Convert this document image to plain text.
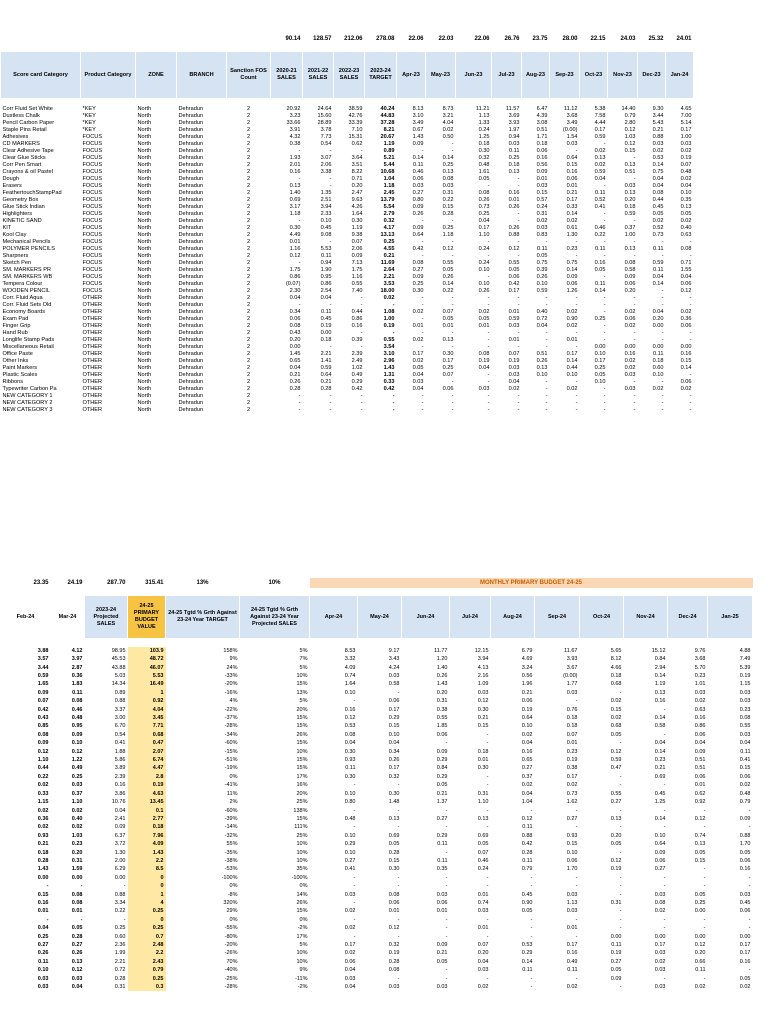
					90.14	128.57	212.06	278.08	22.06	22.03	22.06	26.76	23.75	28.00	22.15	24.03	25.32	24.01

Score card Category	Product Category	ZONE	BRANCH	Sanction FOS Count	2020-21 SALES	2021-22 SALES	2022-23 SALES	2023-24 TARGET	Apr-23	May-23	Jun-23	Jul-23	Aug-23	Sep-23	Oct-23	Nov-23	Dec-23	Jan-24

Corr Fluid Set White	*KEY	North	Dehradun	2	20.92	24.64	38.59	40.24	8.13	8.73	11.21	11.57	6.47	11.12	5.38	14.40	9.30	4.65
Dustless Chalk	*KEY	North	Dehradun	2	3.23	15.60	42.76	44.83	3.10	3.21	1.13	3.69	4.39	3.68	7.58	0.79	3.44	7.00
Pencil Carbon Paper	*KEY	North	Dehradun	2	33.66	28.89	33.39	37.28	3.49	4.04	1.33	3.93	3.08	3.49	4.44	2.80	5.43	5.14
Staple Pins Retail	*KEY	North	Dehradun	2	3.91	3.78	7.10	8.21	0.67	0.02	0.24	1.97	0.51	(0.00)	0.17	0.12	0.21	0.17
Adhesives	FOCUS	North	Dehradun	2	4.32	7.73	15.31	20.67	1.43	0.50	1.25	0.94	1.71	1.54	0.59	1.03	0.88	1.00
CD MARKERS	FOCUS	North	Dehradun	2	0.38	0.54	0.62	1.19	0.09	-	0.18	0.03	0.18	0.03	-	0.12	0.03	0.03
Clear Adhesive Tape	FOCUS	North	Dehradun	2	-	-	-	0.89	-	-	0.30	0.11	0.06	-	0.02	0.15	0.02	0.02
Clear Glue Sticks	FOCUS	North	Dehradun	2	1.93	3.07	3.64	5.21	0.14	0.14	0.32	0.25	0.16	0.64	0.13	-	0.53	0.19
Corr Pen Smart	FOCUS	North	Dehradun	2	2.01	2.06	3.51	5.44	0.11	0.25	0.48	0.18	0.56	0.15	0.02	0.13	0.14	0.07
Crayons & oil Pastel	FOCUS	North	Dehradun	2	0.16	3.38	8.22	10.68	0.46	0.13	1.61	0.13	0.09	0.16	0.59	0.51	0.75	0.48
Dough	FOCUS	North	Dehradun	2	-	-	0.71	1.04	0.06	0.08	0.05	-	0.01	0.06	0.04	-	0.04	0.02
Erasers	FOCUS	North	Dehradun	2	0.13	-	0.20	1.18	0.03	0.03	-	-	0.03	0.01	-	0.03	0.04	0.04
FeathertouchStampPad	FOCUS	North	Dehradun	2	1.40	1.35	2.47	2.45	0.27	0.31	0.08	0.16	0.15	0.21	0.11	0.13	0.08	0.10
Geometry Box	FOCUS	North	Dehradun	2	0.69	2.51	9.63	13.79	0.80	0.22	0.26	0.01	0.57	0.17	0.52	0.20	0.44	0.35
Glue Stick Indian	FOCUS	North	Dehradun	2	3.17	3.94	4.26	5.54	0.09	0.15	0.73	0.26	0.24	0.33	0.41	0.18	0.45	0.13
Highlighters	FOCUS	North	Dehradun	2	1.18	2.33	1.64	2.79	0.26	0.28	0.25	-	0.31	0.14	-	0.59	0.05	0.05
KINETIC SAND	FOCUS	North	Dehradun	2	-	0.10	0.30	0.32	-	-	0.04	-	0.02	0.02	-	-	0.02	0.02
KIT	FOCUS	North	Dehradun	2	0.30	0.45	1.19	4.17	0.09	0.25	0.17	0.26	0.03	0.61	0.46	0.37	0.52	0.40
Kool Clay	FOCUS	North	Dehradun	2	4.49	9.08	9.38	13.13	0.64	1.18	1.10	0.88	0.83	1.30	0.22	1.00	0.73	0.63
Mechanical Pencils	FOCUS	North	Dehradun	2	0.01	-	0.07	0.25	-	-	-	-	-	-	-	-	-	-
POLYMER PENCILS	FOCUS	North	Dehradun	2	1.16	5.53	2.06	4.55	0.42	0.12	0.24	0.12	0.11	0.23	0.11	0.13	0.11	0.08
Sharpners	FOCUS	North	Dehradun	2	0.12	0.11	0.09	0.21	-	-	-	-	0.05	-	-	-	-	-
Sketch Pen	FOCUS	North	Dehradun	2	-	0.94	7.13	11.69	0.08	0.55	0.24	0.55	0.75	0.75	0.16	0.08	0.59	0.71
SM. MARKERS PR	FOCUS	North	Dehradun	2	1.75	1.90	1.75	2.64	0.27	0.05	0.10	0.05	0.39	0.14	0.05	0.58	0.11	1.55
SM. MARKERS WB	FOCUS	North	Dehradun	2	0.86	0.95	1.16	2.21	0.09	0.26	-	0.06	0.26	0.09	-	0.09	0.04	0.04
Tempera Colour	FOCUS	North	Dehradun	2	(0.07)	0.86	0.55	3.53	0.25	0.14	0.10	0.42	0.10	0.06	0.11	0.06	0.14	0.06
WOODEN PENCIL	FOCUS	North	Dehradun	2	2.30	2.54	7.40	18.00	0.30	0.22	0.26	0.17	0.59	1.26	0.14	0.20	-	0.12
Corr. Fluid Aqua	OTHER	North	Dehradun	2	0.04	0.04	-	0.02	-	-	-	-	-	-	-	-	-	-
Corr. Fluid Sets Old	OTHER	North	Dehradun	2	-	-	-	-	-	-	-	-	-	-	-	-	-	-
Economy Boards	OTHER	North	Dehradun	2	0.34	0.11	0.44	1.08	0.02	0.07	0.02	0.01	0.40	0.02	-	0.02	0.04	0.02
Exam Pad	OTHER	North	Dehradun	2	0.06	0.45	0.86	1.00	-	0.05	0.05	0.59	0.72	0.90	0.25	0.06	0.20	0.36
Finger Grip	OTHER	North	Dehradun	2	0.08	0.19	0.16	0.19	0.01	0.01	0.01	0.03	0.04	0.02	-	0.02	0.00	0.06
Hand Rub	OTHER	North	Dehradun	2	0.43	0.00	-	-	-	-	-	-	-	-	-	-	-	-
Longlife Stamp Pads	OTHER	North	Dehradun	2	0.20	0.18	0.39	0.55	0.02	0.13	-	0.01	-	0.01	-	-	-	-
Miscellaneous Retail	OTHER	North	Dehradun	2	0.00	-	-	3.54	-	-	-	-	-	-	0.00	0.00	0.00	0.00
Office Paste	OTHER	North	Dehradun	2	1.45	2.21	2.39	3.10	0.17	0.30	0.08	0.07	0.51	0.17	0.10	0.16	0.11	0.16
Other Inks	OTHER	North	Dehradun	2	0.65	1.41	2.49	2.96	0.02	0.17	0.19	0.19	0.26	0.14	0.17	0.02	0.18	0.15
Paint Markers	OTHER	North	Dehradun	2	0.04	0.59	1.02	1.43	0.05	0.25	0.04	0.03	0.13	0.44	0.25	0.02	0.60	0.14
Plastic Scales	OTHER	North	Dehradun	2	0.21	0.64	0.49	1.31	0.04	0.07	-	0.03	0.10	0.10	0.05	0.03	0.10	-
Ribbons	OTHER	North	Dehradun	2	0.26	0.21	0.29	0.33	0.03	-	-	0.04	-	-	0.10	-	-	0.06
Typewriter Carbon Pa	OTHER	North	Dehradun	2	0.28	0.28	0.42	0.42	0.04	0.06	0.03	0.02	-	0.02	-	0.03	0.02	0.02
NEW CATEGORY 1	OTHER	North	Dehradun	2	-	-	-	-	-	-	-	-	-	-	-	-	-	-
NEW CATEGORY 2	OTHER	North	Dehradun	2	-	-	-	-	-	-	-	-	-	-	-	-	-	-
NEW CATEGORY 3	OTHER	North	Dehradun	2	-	-	-	-	-	-	-	-	-	-	-	-	-	-
23.35	24.19	287.70	315.41	13%	10%	MONTHLY PRIMARY BUDGET 24-25									

Feb-24	Mar-24	2023-24 Projected SALES	24-25 PRIMARY BUDGET VALUE	24-25 Tgtd % Grth Against 23-24 Year TARGET	24-25 Tgtd % Grth Against 23-24 Year Projected SALES	Apr-24	May-24	Jun-24	Jul-24	Aug-24	Sep-24	Oct-24	Nov-24	Dec-24	Jan-25

3.88	4.12	98.95	103.9	158%	5%	8.53	9.17	11.77	12.15	6.79	11.67	5.65	15.12	9.76	4.88
3.57	3.97	45.53	48.72	9%	7%	3.32	3.43	1.20	3.94	4.69	3.93	8.12	0.84	3.68	7.49
3.44	2.87	43.88	46.07	24%	5%	4.09	4.24	1.40	4.13	3.24	3.67	4.66	2.94	5.70	5.39
0.59	0.36	5.03	5.53	-33%	10%	0.74	0.03	0.26	2.16	0.56	(0.00)	0.18	0.14	0.23	0.19
1.65	1.83	14.34	16.49	-20%	15%	1.64	0.58	1.43	1.09	1.96	1.77	0.68	1.19	1.01	1.15
0.09	0.11	0.89	1	-16%	13%	0.10	-	0.20	0.03	0.21	0.03	-	0.13	0.03	0.03
0.07	0.08	0.88	0.92	4%	5%	-	0.06	0.31	0.12	0.06	-	0.02	0.16	0.02	0.03
0.42	0.46	3.37	4.04	-22%	20%	0.16	0.17	0.38	0.30	0.19	0.76	0.15	-	0.63	0.23
0.43	0.48	3.00	3.45	-37%	15%	0.12	0.29	0.55	0.21	0.64	0.18	0.02	0.14	0.16	0.08
0.85	0.95	6.70	7.71	-28%	15%	0.53	0.15	1.85	0.15	0.10	0.18	0.68	0.58	0.86	0.55
0.08	0.09	0.54	0.68	-34%	26%	0.08	0.10	0.06	-	0.02	0.07	0.05	-	0.06	0.03
0.09	0.10	0.41	0.47	-60%	15%	0.04	0.04	-	-	0.04	0.01	-	0.04	0.04	0.04
0.12	0.12	1.88	2.07	-15%	10%	0.30	0.34	0.09	0.18	0.16	0.23	0.12	0.14	0.09	0.11
1.10	1.22	5.86	6.74	-51%	15%	0.93	0.26	0.29	0.01	0.65	0.19	0.59	0.23	0.51	0.41
0.44	0.49	3.89	4.47	-19%	15%	0.11	0.17	0.84	0.30	0.27	0.38	0.47	0.21	0.51	0.15
0.22	0.25	2.39	2.8	0%	17%	0.30	0.32	0.29	-	0.37	0.17	-	0.69	0.06	0.06
0.02	0.03	0.16	0.19	-41%	16%	-	-	0.05	-	0.02	0.02	-	-	0.01	0.02
0.33	0.37	3.86	4.63	11%	20%	0.10	0.30	0.21	0.31	0.04	0.73	0.55	0.45	0.62	0.48
1.15	1.10	10.76	13.45	2%	25%	0.80	1.48	1.37	1.10	1.04	1.62	0.27	1.25	0.92	0.79
0.02	0.02	0.04	0.1	-60%	138%	-	-	-	-	-	-	-	-	-	-
0.36	0.40	2.41	2.77	-39%	15%	0.48	0.13	0.27	0.13	0.12	0.27	0.13	0.14	0.12	0.09
0.02	0.02	0.09	0.18	-14%	111%	-	-	-	-	0.11	-	-	-	-	-
0.93	1.03	6.37	7.96	-32%	25%	0.10	0.69	0.29	0.69	0.88	0.93	0.20	0.10	0.74	0.88
0.21	0.23	3.72	4.09	55%	10%	0.29	0.05	0.11	0.05	0.42	0.15	0.05	0.64	0.13	1.70
0.18	0.20	1.30	1.43	-35%	10%	0.10	0.28	-	0.07	0.28	0.10	-	0.09	0.05	0.05
0.28	0.31	2.00	2.2	-38%	10%	0.27	0.15	0.11	0.46	0.11	0.06	0.12	0.06	0.15	0.06
1.43	1.59	6.29	8.5	-53%	35%	0.41	0.30	0.35	0.24	0.79	1.70	0.19	0.27	-	0.16
0.00	0.00	0.00	0	-100%	-100%	-	-	-	-	-	-	-	-	-	-
-	-	-	0	0%	0%	-	-	-	-	-	-	-	-	-	-
0.15	0.08	0.88	1	-8%	14%	0.03	0.08	0.03	0.01	0.45	0.03	-	0.03	0.05	0.03
0.16	0.08	3.34	4	320%	26%	-	0.06	0.06	0.74	0.90	1.13	0.31	0.08	0.25	0.45
0.01	0.01	0.22	0.25	29%	15%	0.02	0.01	0.01	0.03	0.05	0.03	-	0.02	0.00	0.06
-	-	-	0	0%	0%	-	-	-	-	-	-	-	-	-	-
0.04	0.05	0.25	0.25	-55%	-2%	0.02	0.12	-	0.01	-	0.01	-	-	-	-
0.25	0.28	0.60	0.7	-80%	17%	-	-	-	-	-	-	0.00	0.00	0.00	0.00
0.27	0.27	2.36	2.48	-20%	5%	0.17	0.32	0.09	0.07	0.53	0.17	0.11	0.17	0.12	0.17
0.26	0.26	1.99	2.2	-26%	10%	0.02	0.19	0.21	0.20	0.29	0.16	0.19	0.03	0.20	0.17
0.11	0.13	2.21	2.43	70%	10%	0.06	0.28	0.05	0.04	0.14	0.49	0.27	0.02	0.66	0.16
0.10	0.12	0.72	0.79	-40%	9%	0.04	0.08	-	0.03	0.11	0.11	0.05	0.03	0.11	-
0.03	0.03	0.28	0.25	-25%	-11%	0.03	-	-	-	-	-	0.09	-	-	0.05
0.03	0.04	0.31	0.3	-28%	-2%	0.04	0.03	0.03	0.02	-	0.02	-	0.03	0.02	0.02
